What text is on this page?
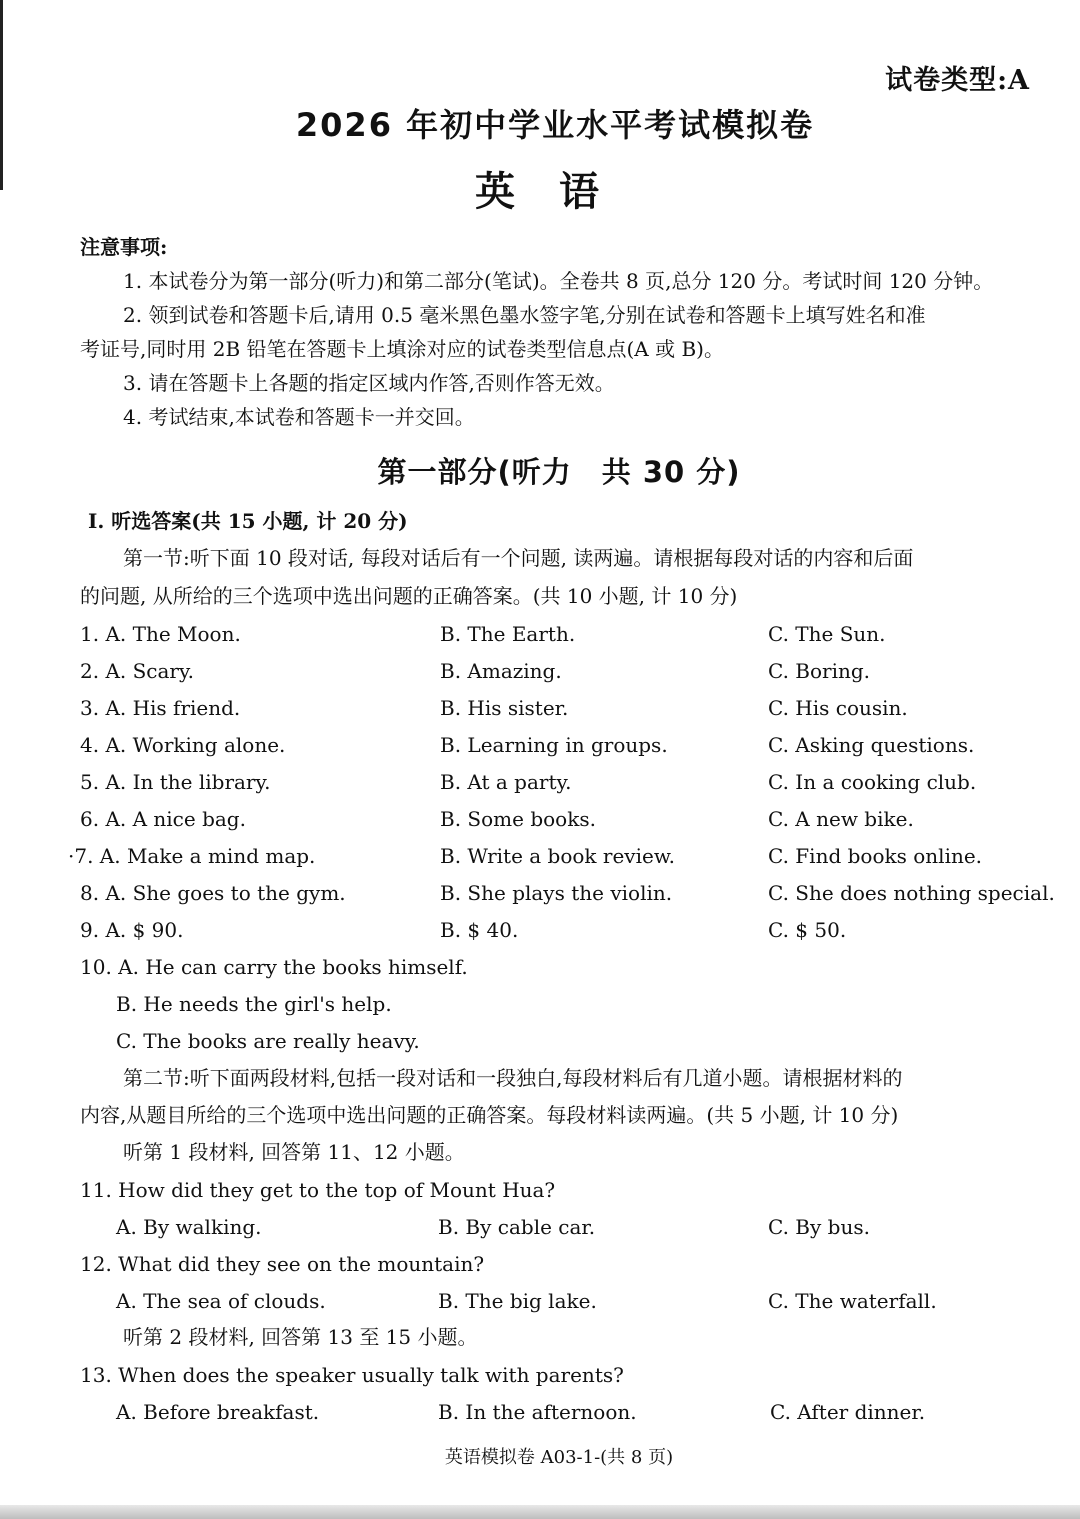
试卷类型:A
2026 年初中学业水平考试模拟卷
英语
注意事项:
1. 本试卷分为第一部分(听力)和第二部分(笔试)。全卷共 8 页,总分 120 分。考试时间 120 分钟。
2. 领到试卷和答题卡后,请用 0.5 毫米黑色墨水签字笔,分别在试卷和答题卡上填写姓名和准
考证号,同时用 2B 铅笔在答题卡上填涂对应的试卷类型信息点(A 或 B)。
3. 请在答题卡上各题的指定区域内作答,否则作答无效。
4. 考试结束,本试卷和答题卡一并交回。
第一部分(听力　共 30 分)
Ⅰ. 听选答案(共 15 小题, 计 20 分)
第一节:听下面 10 段对话, 每段对话后有一个问题, 读两遍。请根据每段对话的内容和后面
的问题, 从所给的三个选项中选出问题的正确答案。(共 10 小题, 计 10 分)
1. A. The Moon.	B. The Earth.	C. The Sun.
2. A. Scary.	B. Amazing.	C. Boring.
3. A. His friend.	B. His sister.	C. His cousin.
4. A. Working alone.	B. Learning in groups.	C. Asking questions.
5. A. In the library.	B. At a party.	C. In a cooking club.
6. A. A nice bag.	B. Some books.	C. A new bike.
·7. A. Make a mind map.	B. Write a book review.	C. Find books online.
8. A. She goes to the gym.	B. She plays the violin.	C. She does nothing special.
9. A. $ 90.	B. $ 40.	C. $ 50.
10. A. He can carry the books himself.
B. He needs the girl's help.
C. The books are really heavy.
第二节:听下面两段材料,包括一段对话和一段独白,每段材料后有几道小题。请根据材料的
内容,从题目所给的三个选项中选出问题的正确答案。每段材料读两遍。(共 5 小题, 计 10 分)
听第 1 段材料, 回答第 11、12 小题。
11. How did they get to the top of Mount Hua?
A. By walking.	B. By cable car.	C. By bus.
12. What did they see on the mountain?
A. The sea of clouds.	B. The big lake.	C. The waterfall.
听第 2 段材料, 回答第 13 至 15 小题。
13. When does the speaker usually talk with parents?
A. Before breakfast.	B. In the afternoon.	C. After dinner.
英语模拟卷 A03-1-(共 8 页)
